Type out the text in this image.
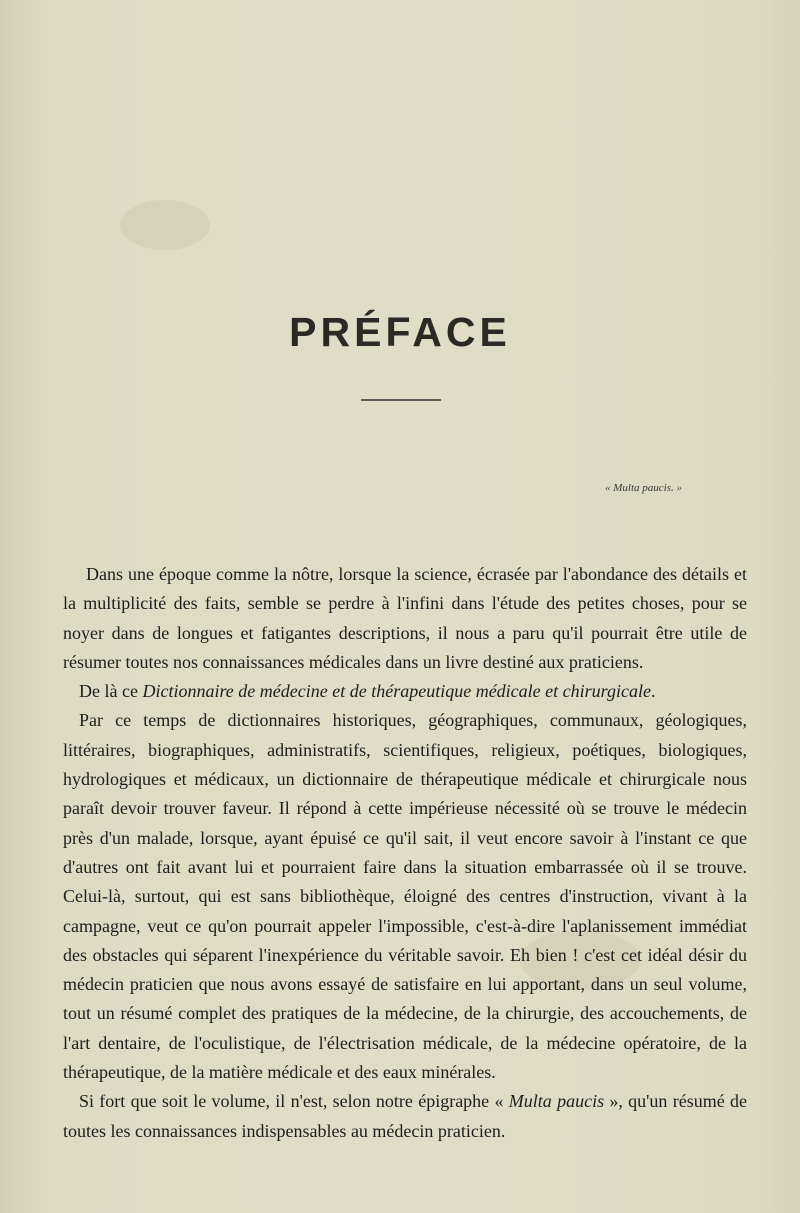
PRÉFACE
« Multa paucis. »

Dans une époque comme la nôtre, lorsque la science, écrasée par l'abondance des détails et la multiplicité des faits, semble se perdre à l'infini dans l'étude des petites choses, pour se noyer dans de longues et fatigantes descriptions, il nous a paru qu'il pourrait être utile de résumer toutes nos connaissances médicales dans un livre destiné aux praticiens.

De là ce Dictionnaire de médecine et de thérapeutique médicale et chirurgicale.

Par ce temps de dictionnaires historiques, géographiques, communaux, géologiques, littéraires, biographiques, administratifs, scientifiques, religieux, poétiques, biologiques, hydrologiques et médicaux, un dictionnaire de thérapeutique médicale et chirurgicale nous paraît devoir trouver faveur. Il répond à cette impérieuse nécessité où se trouve le médecin près d'un malade, lorsque, ayant épuisé ce qu'il sait, il veut encore savoir à l'instant ce que d'autres ont fait avant lui et pourraient faire dans la situation embarrassée où il se trouve. Celui-là, surtout, qui est sans bibliothèque, éloigné des centres d'instruction, vivant à la campagne, veut ce qu'on pourrait appeler l'impossible, c'est-à-dire l'aplanissement immédiat des obstacles qui séparent l'inexpérience du véritable savoir. Eh bien ! c'est cet idéal désir du médecin praticien que nous avons essayé de satisfaire en lui apportant, dans un seul volume, tout un résumé complet des pratiques de la médecine, de la chirurgie, des accouchements, de l'art dentaire, de l'oculistique, de l'électrisation médicale, de la médecine opératoire, de la thérapeutique, de la matière médicale et des eaux minérales.

Si fort que soit le volume, il n'est, selon notre épigraphe « Multa paucis », qu'un résumé de toutes les connaissances indispensables au médecin praticien.
